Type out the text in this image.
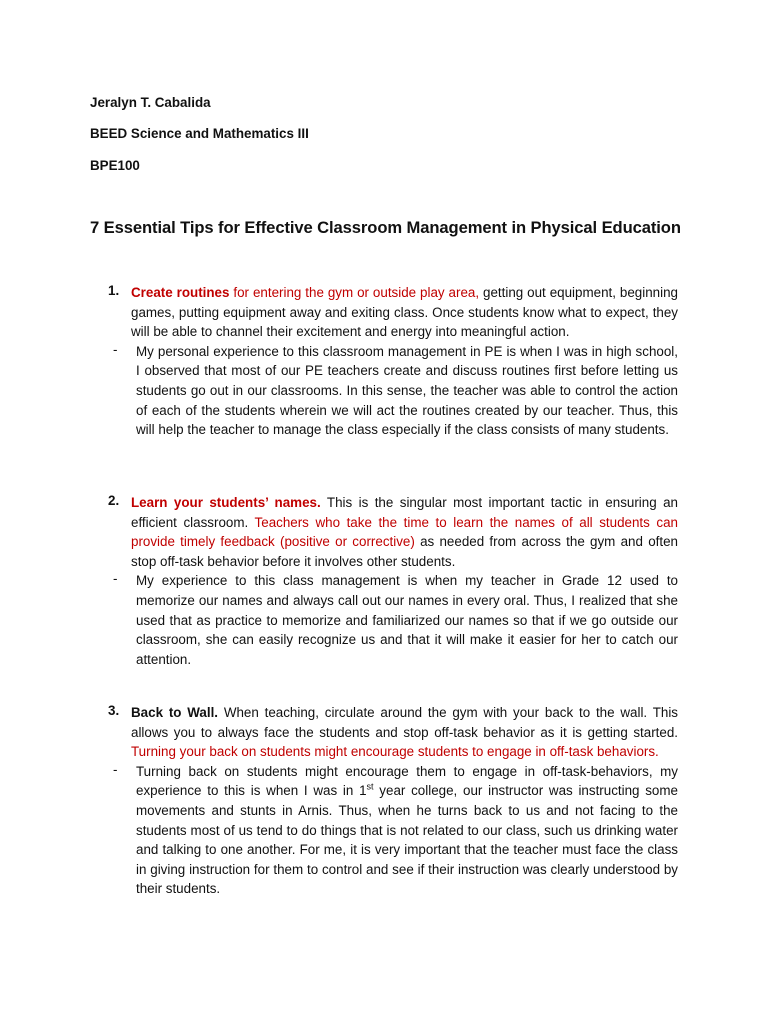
Jeralyn T. Cabalida
BEED Science and Mathematics III
BPE100
7 Essential Tips for Effective Classroom Management in Physical Education
1. Create routines for entering the gym or outside play area, getting out equipment, beginning games, putting equipment away and exiting class. Once students know what to expect, they will be able to channel their excitement and energy into meaningful action.
- My personal experience to this classroom management in PE is when I was in high school, I observed that most of our PE teachers create and discuss routines first before letting us students go out in our classrooms. In this sense, the teacher was able to control the action of each of the students wherein we will act the routines created by our teacher. Thus, this will help the teacher to manage the class especially if the class consists of many students.
2. Learn your students’ names. This is the singular most important tactic in ensuring an efficient classroom. Teachers who take the time to learn the names of all students can provide timely feedback (positive or corrective) as needed from across the gym and often stop off-task behavior before it involves other students.
- My experience to this class management is when my teacher in Grade 12 used to memorize our names and always call out our names in every oral. Thus, I realized that she used that as practice to memorize and familiarized our names so that if we go outside our classroom, she can easily recognize us and that it will make it easier for her to catch our attention.
3. Back to Wall. When teaching, circulate around the gym with your back to the wall. This allows you to always face the students and stop off-task behavior as it is getting started. Turning your back on students might encourage students to engage in off-task behaviors.
- Turning back on students might encourage them to engage in off-task-behaviors, my experience to this is when I was in 1st year college, our instructor was instructing some movements and stunts in Arnis. Thus, when he turns back to us and not facing to the students most of us tend to do things that is not related to our class, such us drinking water and talking to one another. For me, it is very important that the teacher must face the class in giving instruction for them to control and see if their instruction was clearly understood by their students.
